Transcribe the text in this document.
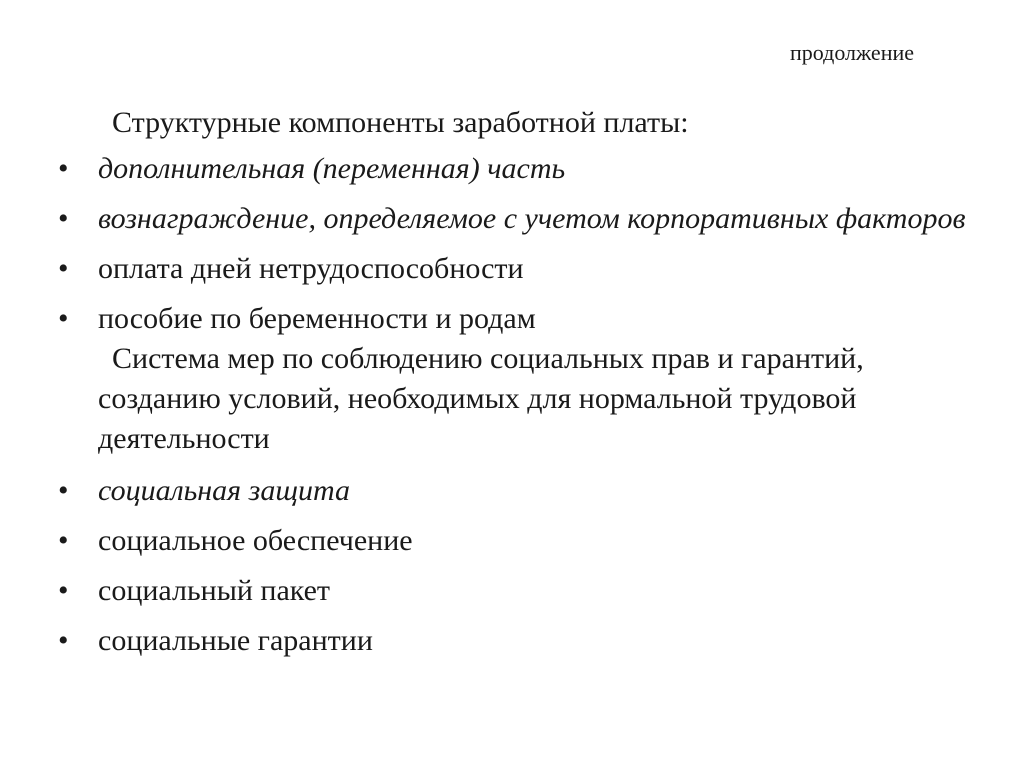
продолжение

Структурные компоненты заработной платы:

• дополнительная (переменная) часть
• вознаграждение, определяемое с учетом корпоративных факторов
• оплата дней нетрудоспособности
• пособие по беременности и родам

Система мер по соблюдению социальных прав и гарантий, созданию условий, необходимых для нормальной трудовой деятельности

• социальная защита
• социальное обеспечение
• социальный пакет
• социальные гарантии
